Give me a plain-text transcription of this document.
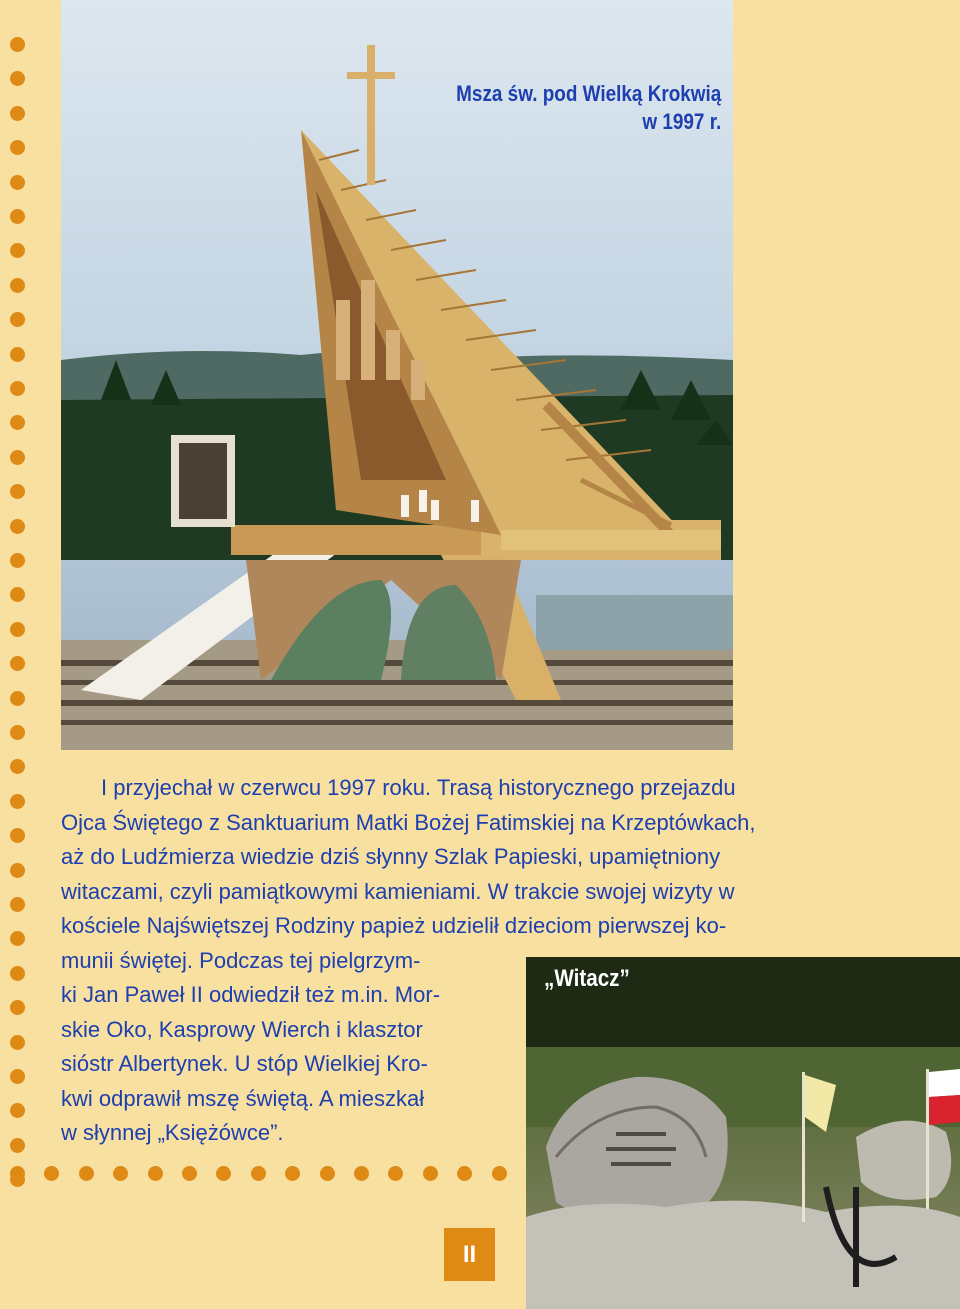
Msza św. pod Wielką Krokwią
w 1997 r.
I przyjechał w czerwcu 1997 roku. Trasą historycznego przejazdu
Ojca Świętego z Sanktuarium Matki Bożej Fatimskiej na Krzeptówkach,
aż do Ludźmierza wiedzie dziś słynny Szlak Papieski, upamiętniony
witaczami, czyli pamiątkowymi kamieniami. W trakcie swojej wizyty w
kościele Najświętszej Rodziny papież udzielił dzieciom pierwszej ko-
munii świętej. Podczas tej pielgrzym-
ki Jan Paweł II odwiedził też m.in. Mor-
skie Oko, Kasprowy Wierch i klasztor
sióstr Albertynek. U stóp Wielkiej Kro-
kwi odprawił mszę świętą. A mieszkał
w słynnej „Księżówce”.
„Witacz”
II
